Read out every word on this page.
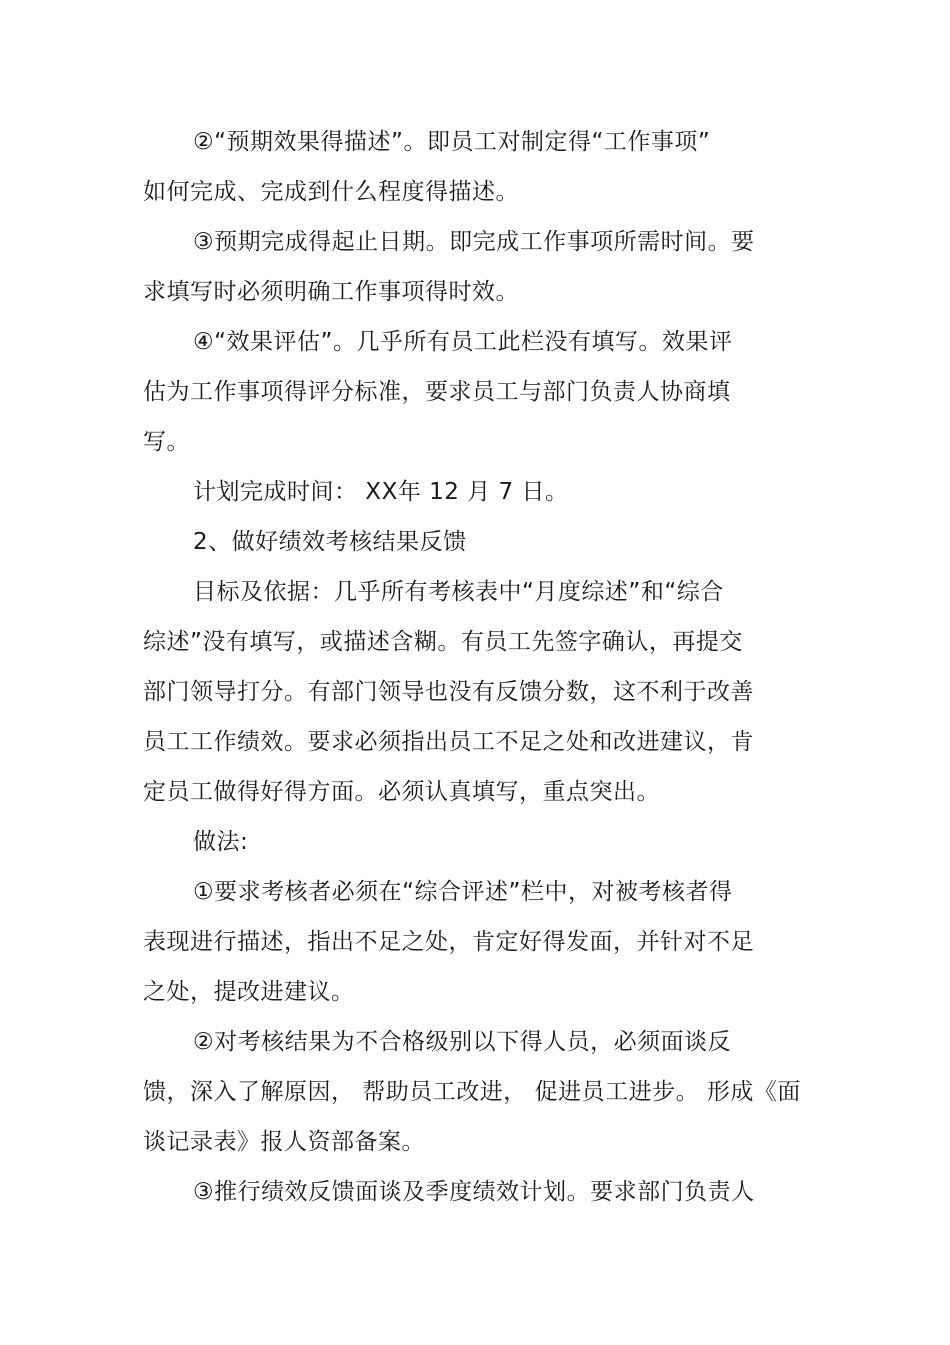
②“预期效果得描述”。即员工对制定得“工作事项”
如何完成、完成到什么程度得描述。
③预期完成得起止日期。即完成工作事项所需时间。要
求填写时必须明确工作事项得时效。
④“效果评估”。几乎所有员工此栏没有填写。效果评
估为工作事项得评分标准，要求员工与部门负责人协商填
写。
计划完成时间： XX年 12 月 7 日。
2、做好绩效考核结果反馈
目标及依据：几乎所有考核表中“月度综述”和“综合
综述”没有填写，或描述含糊。有员工先签字确认，再提交
部门领导打分。有部门领导也没有反馈分数，这不利于改善
员工工作绩效。要求必须指出员工不足之处和改进建议，肯
定员工做得好得方面。必须认真填写，重点突出。
做法:
①要求考核者必须在“综合评述”栏中，对被考核者得
表现进行描述，指出不足之处，肯定好得发面，并针对不足
之处，提改进建议。
②对考核结果为不合格级别以下得人员，必须面谈反
馈，深入了解原因， 帮助员工改进， 促进员工进步。 形成《面
谈记录表》报人资部备案。
③推行绩效反馈面谈及季度绩效计划。要求部门负责人
